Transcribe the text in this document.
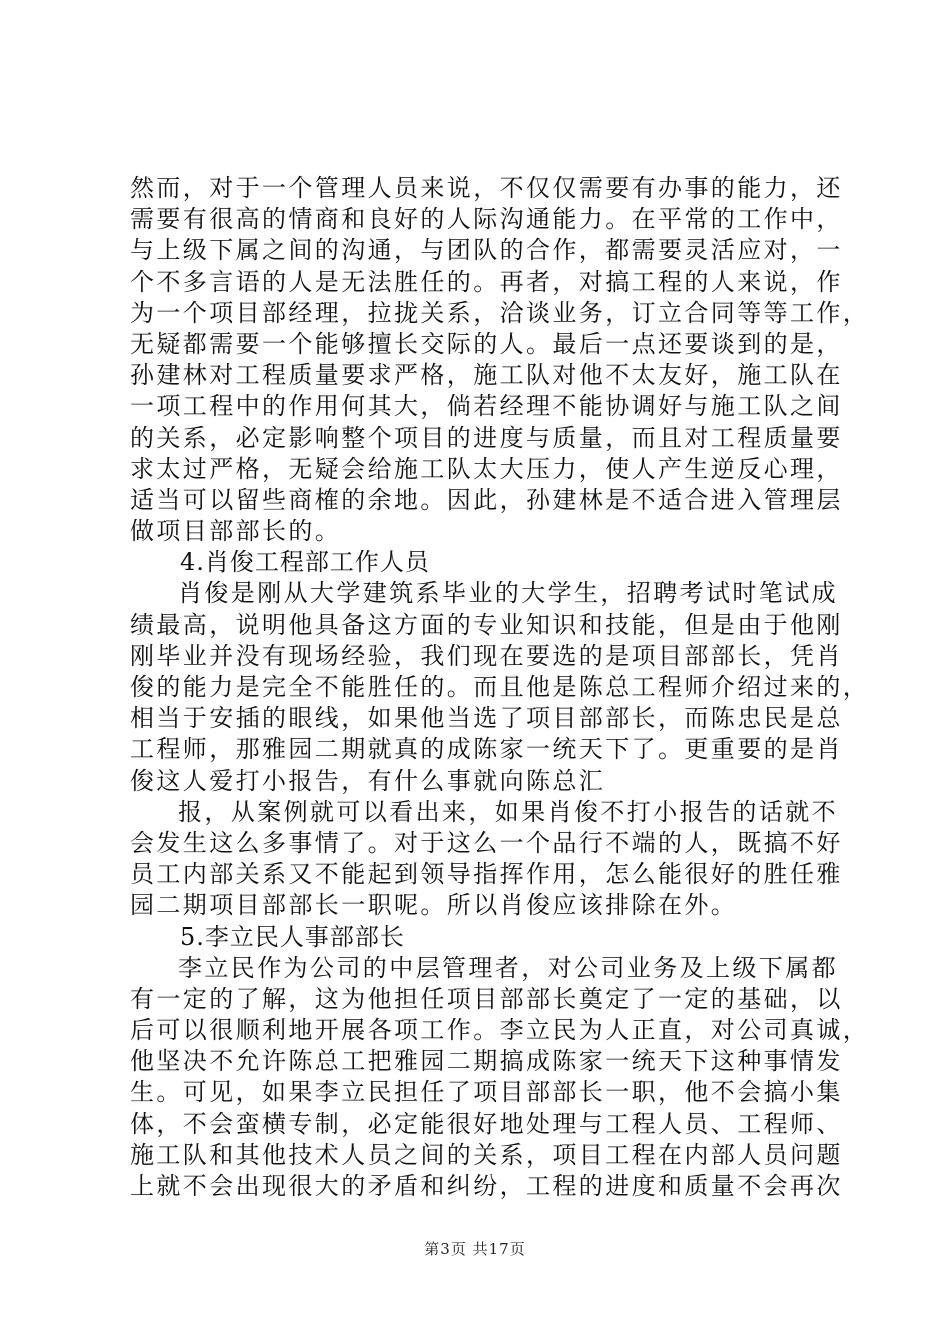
然而，对于一个管理人员来说，不仅仅需要有办事的能力，还
需要有很高的情商和良好的人际沟通能力。在平常的工作中，
与上级下属之间的沟通，与团队的合作，都需要灵活应对，一
个不多言语的人是无法胜任的。再者，对搞工程的人来说，作
为一个项目部经理，拉拢关系，洽谈业务，订立合同等等工作，
无疑都需要一个能够擅长交际的人。最后一点还要谈到的是，
孙建林对工程质量要求严格，施工队对他不太友好，施工队在
一项工程中的作用何其大，倘若经理不能协调好与施工队之间
的关系，必定影响整个项目的进度与质量，而且对工程质量要
求太过严格，无疑会给施工队太大压力，使人产生逆反心理，
适当可以留些商榷的余地。因此，孙建林是不适合进入管理层
做项目部部长的。
4.肖俊工程部工作人员
肖俊是刚从大学建筑系毕业的大学生，招聘考试时笔试成
绩最高，说明他具备这方面的专业知识和技能，但是由于他刚
刚毕业并没有现场经验，我们现在要选的是项目部部长，凭肖
俊的能力是完全不能胜任的。而且他是陈总工程师介绍过来的，
相当于安插的眼线，如果他当选了项目部部长，而陈忠民是总
工程师，那雅园二期就真的成陈家一统天下了。更重要的是肖
俊这人爱打小报告，有什么事就向陈总汇
报，从案例就可以看出来，如果肖俊不打小报告的话就不
会发生这么多事情了。对于这么一个品行不端的人，既搞不好
员工内部关系又不能起到领导指挥作用，怎么能很好的胜任雅
园二期项目部部长一职呢。所以肖俊应该排除在外。
5.李立民人事部部长
李立民作为公司的中层管理者，对公司业务及上级下属都
有一定的了解，这为他担任项目部部长奠定了一定的基础，以
后可以很顺利地开展各项工作。李立民为人正直，对公司真诚，
他坚决不允许陈总工把雅园二期搞成陈家一统天下这种事情发
生。可见，如果李立民担任了项目部部长一职，他不会搞小集
体，不会蛮横专制，必定能很好地处理与工程人员、工程师、
施工队和其他技术人员之间的关系，项目工程在内部人员问题
上就不会出现很大的矛盾和纠纷，工程的进度和质量不会再次
第3页 共17页
